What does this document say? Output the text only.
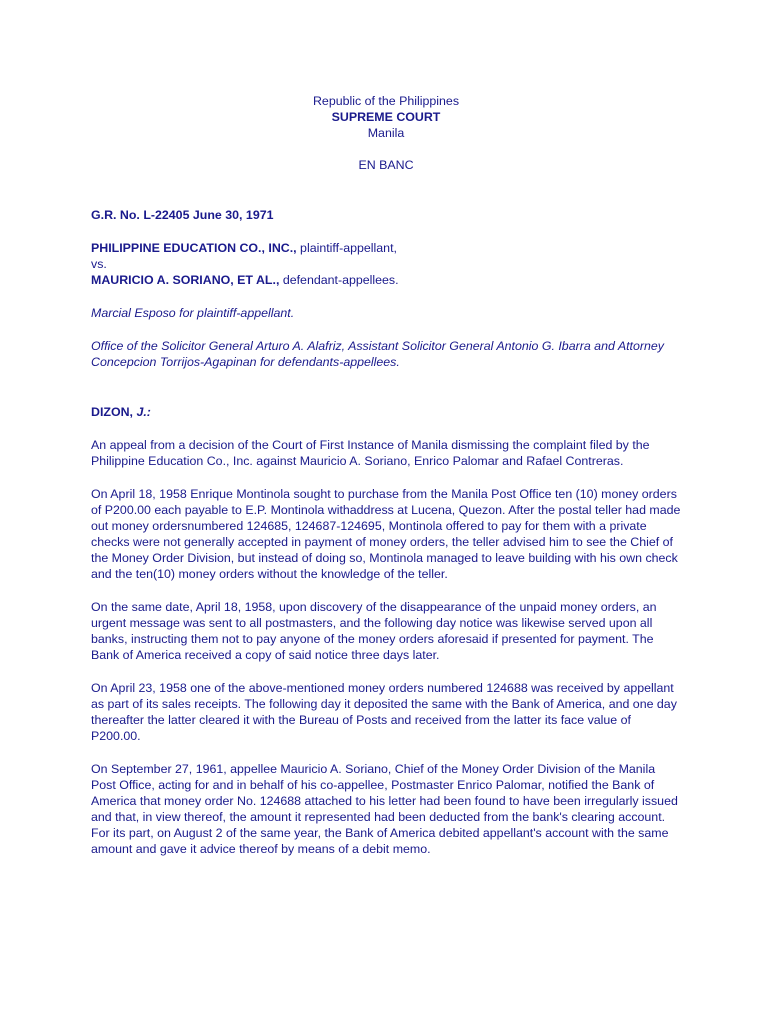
Republic of the Philippines

SUPREME COURT

Manila

EN BANC

G.R. No. L-22405 June 30, 1971

PHILIPPINE EDUCATION CO., INC., plaintiff-appellant,

vs.

MAURICIO A. SORIANO, ET AL., defendant-appellees.

Marcial Esposo for plaintiff-appellant.

Office of the Solicitor General Arturo A. Alafriz, Assistant Solicitor General Antonio G. Ibarra and Attorney Concepcion Torrijos-Agapinan for defendants-appellees.

DIZON, J.:

An appeal from a decision of the Court of First Instance of Manila dismissing the complaint filed by the Philippine Education Co., Inc. against Mauricio A. Soriano, Enrico Palomar and Rafael Contreras.

On April 18, 1958 Enrique Montinola sought to purchase from the Manila Post Office ten (10) money orders of P200.00 each payable to E.P. Montinola withaddress at Lucena, Quezon. After the postal teller had made out money ordersnumbered 124685, 124687-124695, Montinola offered to pay for them with a private checks were not generally accepted in payment of money orders, the teller advised him to see the Chief of the Money Order Division, but instead of doing so, Montinola managed to leave building with his own check and the ten(10) money orders without the knowledge of the teller.

On the same date, April 18, 1958, upon discovery of the disappearance of the unpaid money orders, an urgent message was sent to all postmasters, and the following day notice was likewise served upon all banks, instructing them not to pay anyone of the money orders aforesaid if presented for payment. The Bank of America received a copy of said notice three days later.

On April 23, 1958 one of the above-mentioned money orders numbered 124688 was received by appellant as part of its sales receipts. The following day it deposited the same with the Bank of America, and one day thereafter the latter cleared it with the Bureau of Posts and received from the latter its face value of P200.00.

On September 27, 1961, appellee Mauricio A. Soriano, Chief of the Money Order Division of the Manila Post Office, acting for and in behalf of his co-appellee, Postmaster Enrico Palomar, notified the Bank of America that money order No. 124688 attached to his letter had been found to have been irregularly issued and that, in view thereof, the amount it represented had been deducted from the bank's clearing account. For its part, on August 2 of the same year, the Bank of America debited appellant's account with the same amount and gave it advice thereof by means of a debit memo.
